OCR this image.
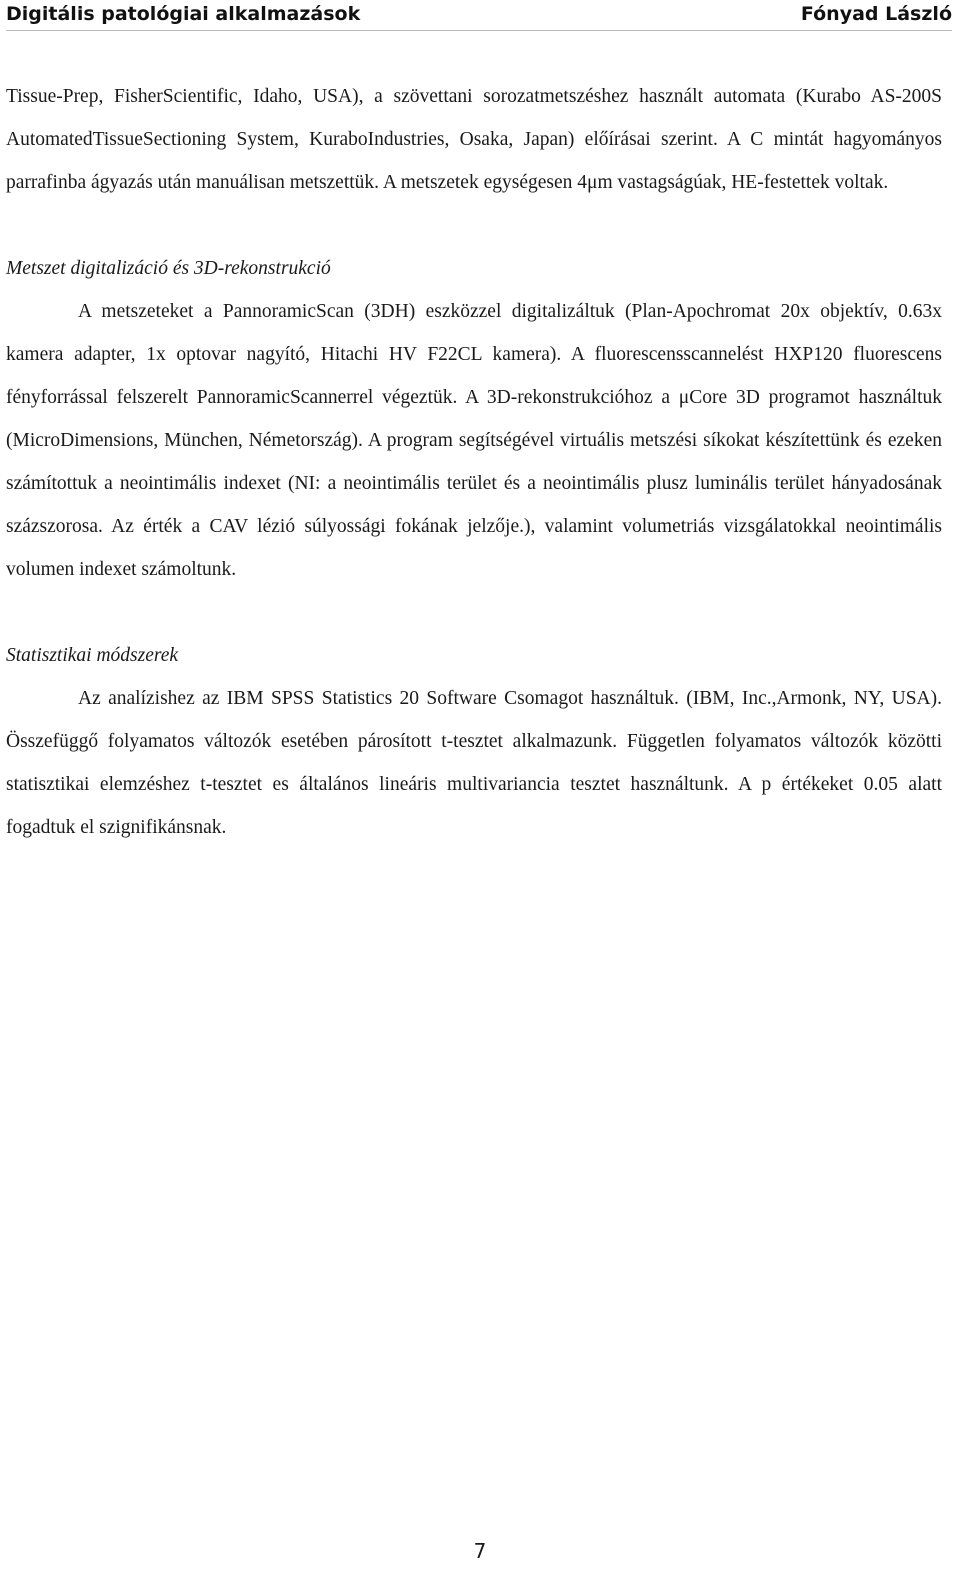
Digitális patológiai alkalmazások	Fónyad László

Tissue-Prep, FisherScientific, Idaho, USA), a szövettani sorozatmetszéshez használt automata (Kurabo AS-200S AutomatedTissueSectioning System, KuraboIndustries, Osaka, Japan) előírásai szerint. A C mintát hagyományos parrafinba ágyazás után manuálisan metszettük. A metszetek egységesen 4μm vastagságúak, HE-festettek voltak.

Metszet digitalizáció és 3D-rekonstrukció

A metszeteket a PannoramicScan (3DH) eszközzel digitalizáltuk (Plan-Apochromat 20x objektív, 0.63x kamera adapter, 1x optovar nagyító, Hitachi HV F22CL kamera). A fluorescensscannelést HXP120 fluorescens fényforrással felszerelt PannoramicScannerrel végeztük. A 3D-rekonstrukcióhoz a μCore 3D programot használtuk (MicroDimensions, München, Németország). A program segítségével virtuális metszési síkokat készítettünk és ezeken számítottuk a neointimális indexet (NI: a neointimális terület és a neointimális plusz luminális terület hányadosának százszorosa. Az érték a CAV lézió súlyossági fokának jelzője.), valamint volumetriás vizsgálatokkal neointimális volumen indexet számoltunk.

Statisztikai módszerek

Az analízishez az IBM SPSS Statistics 20 Software Csomagot használtuk. (IBM, Inc.,Armonk, NY, USA). Összefüggő folyamatos változók esetében párosított t-tesztet alkalmazunk. Független folyamatos változók közötti statisztikai elemzéshez t-tesztet es általános lineáris multivariancia tesztet használtunk. A p értékeket 0.05 alatt fogadtuk el szignifikánsnak.

7
